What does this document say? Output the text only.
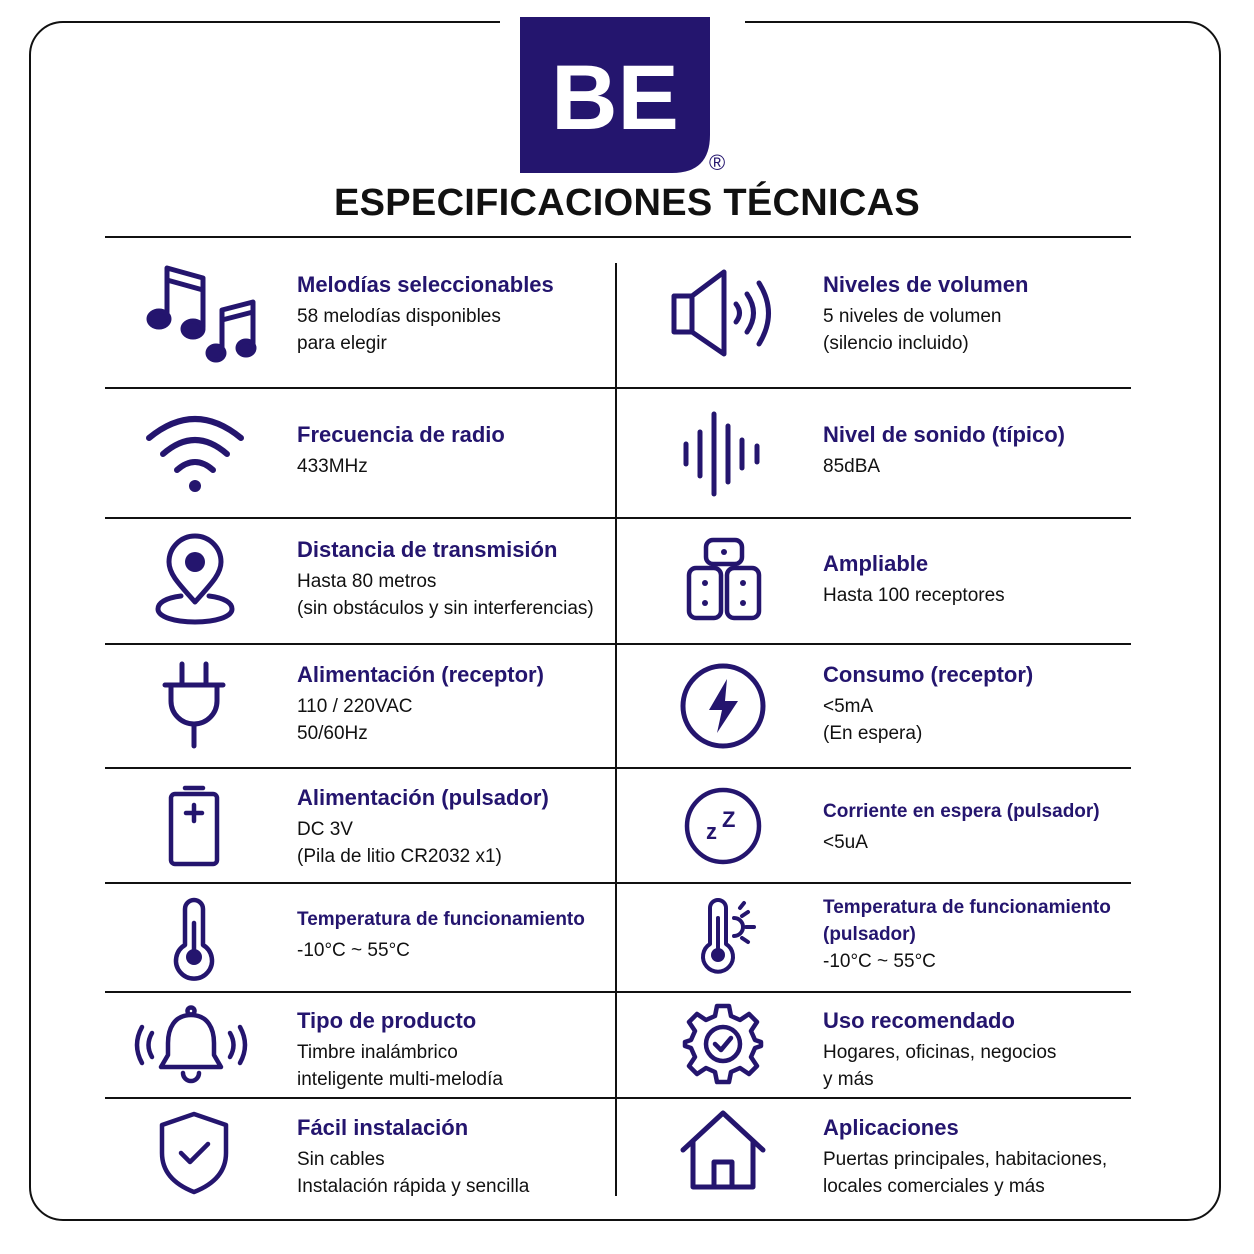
BE
®
ESPECIFICACIONES TÉCNICAS
Melodías seleccionables
58 melodías disponibles
para elegir
Niveles de volumen
5 niveles de volumen
(silencio incluido)
Frecuencia de radio
433MHz
Nivel de sonido (típico)
85dBA
Distancia de transmisión
Hasta 80 metros
(sin obstáculos y sin interferencias)
Ampliable
Hasta 100 receptores
Alimentación (receptor)
110 / 220VAC
50/60Hz
Consumo (receptor)
<5mA
(En espera)
Alimentación (pulsador)
DC 3V
(Pila de litio CR2032 x1)
z Z	Corriente en espera (pulsador)
<5uA
Temperatura de funcionamiento
-10°C ~ 55°C
Temperatura de funcionamiento
(pulsador)
-10°C ~ 55°C
Tipo de producto
Timbre inalámbrico
inteligente multi-melodía
Uso recomendado
Hogares, oficinas, negocios
y más
Fácil instalación
Sin cables
Instalación rápida y sencilla
Aplicaciones
Puertas principales, habitaciones,
locales comerciales y más
